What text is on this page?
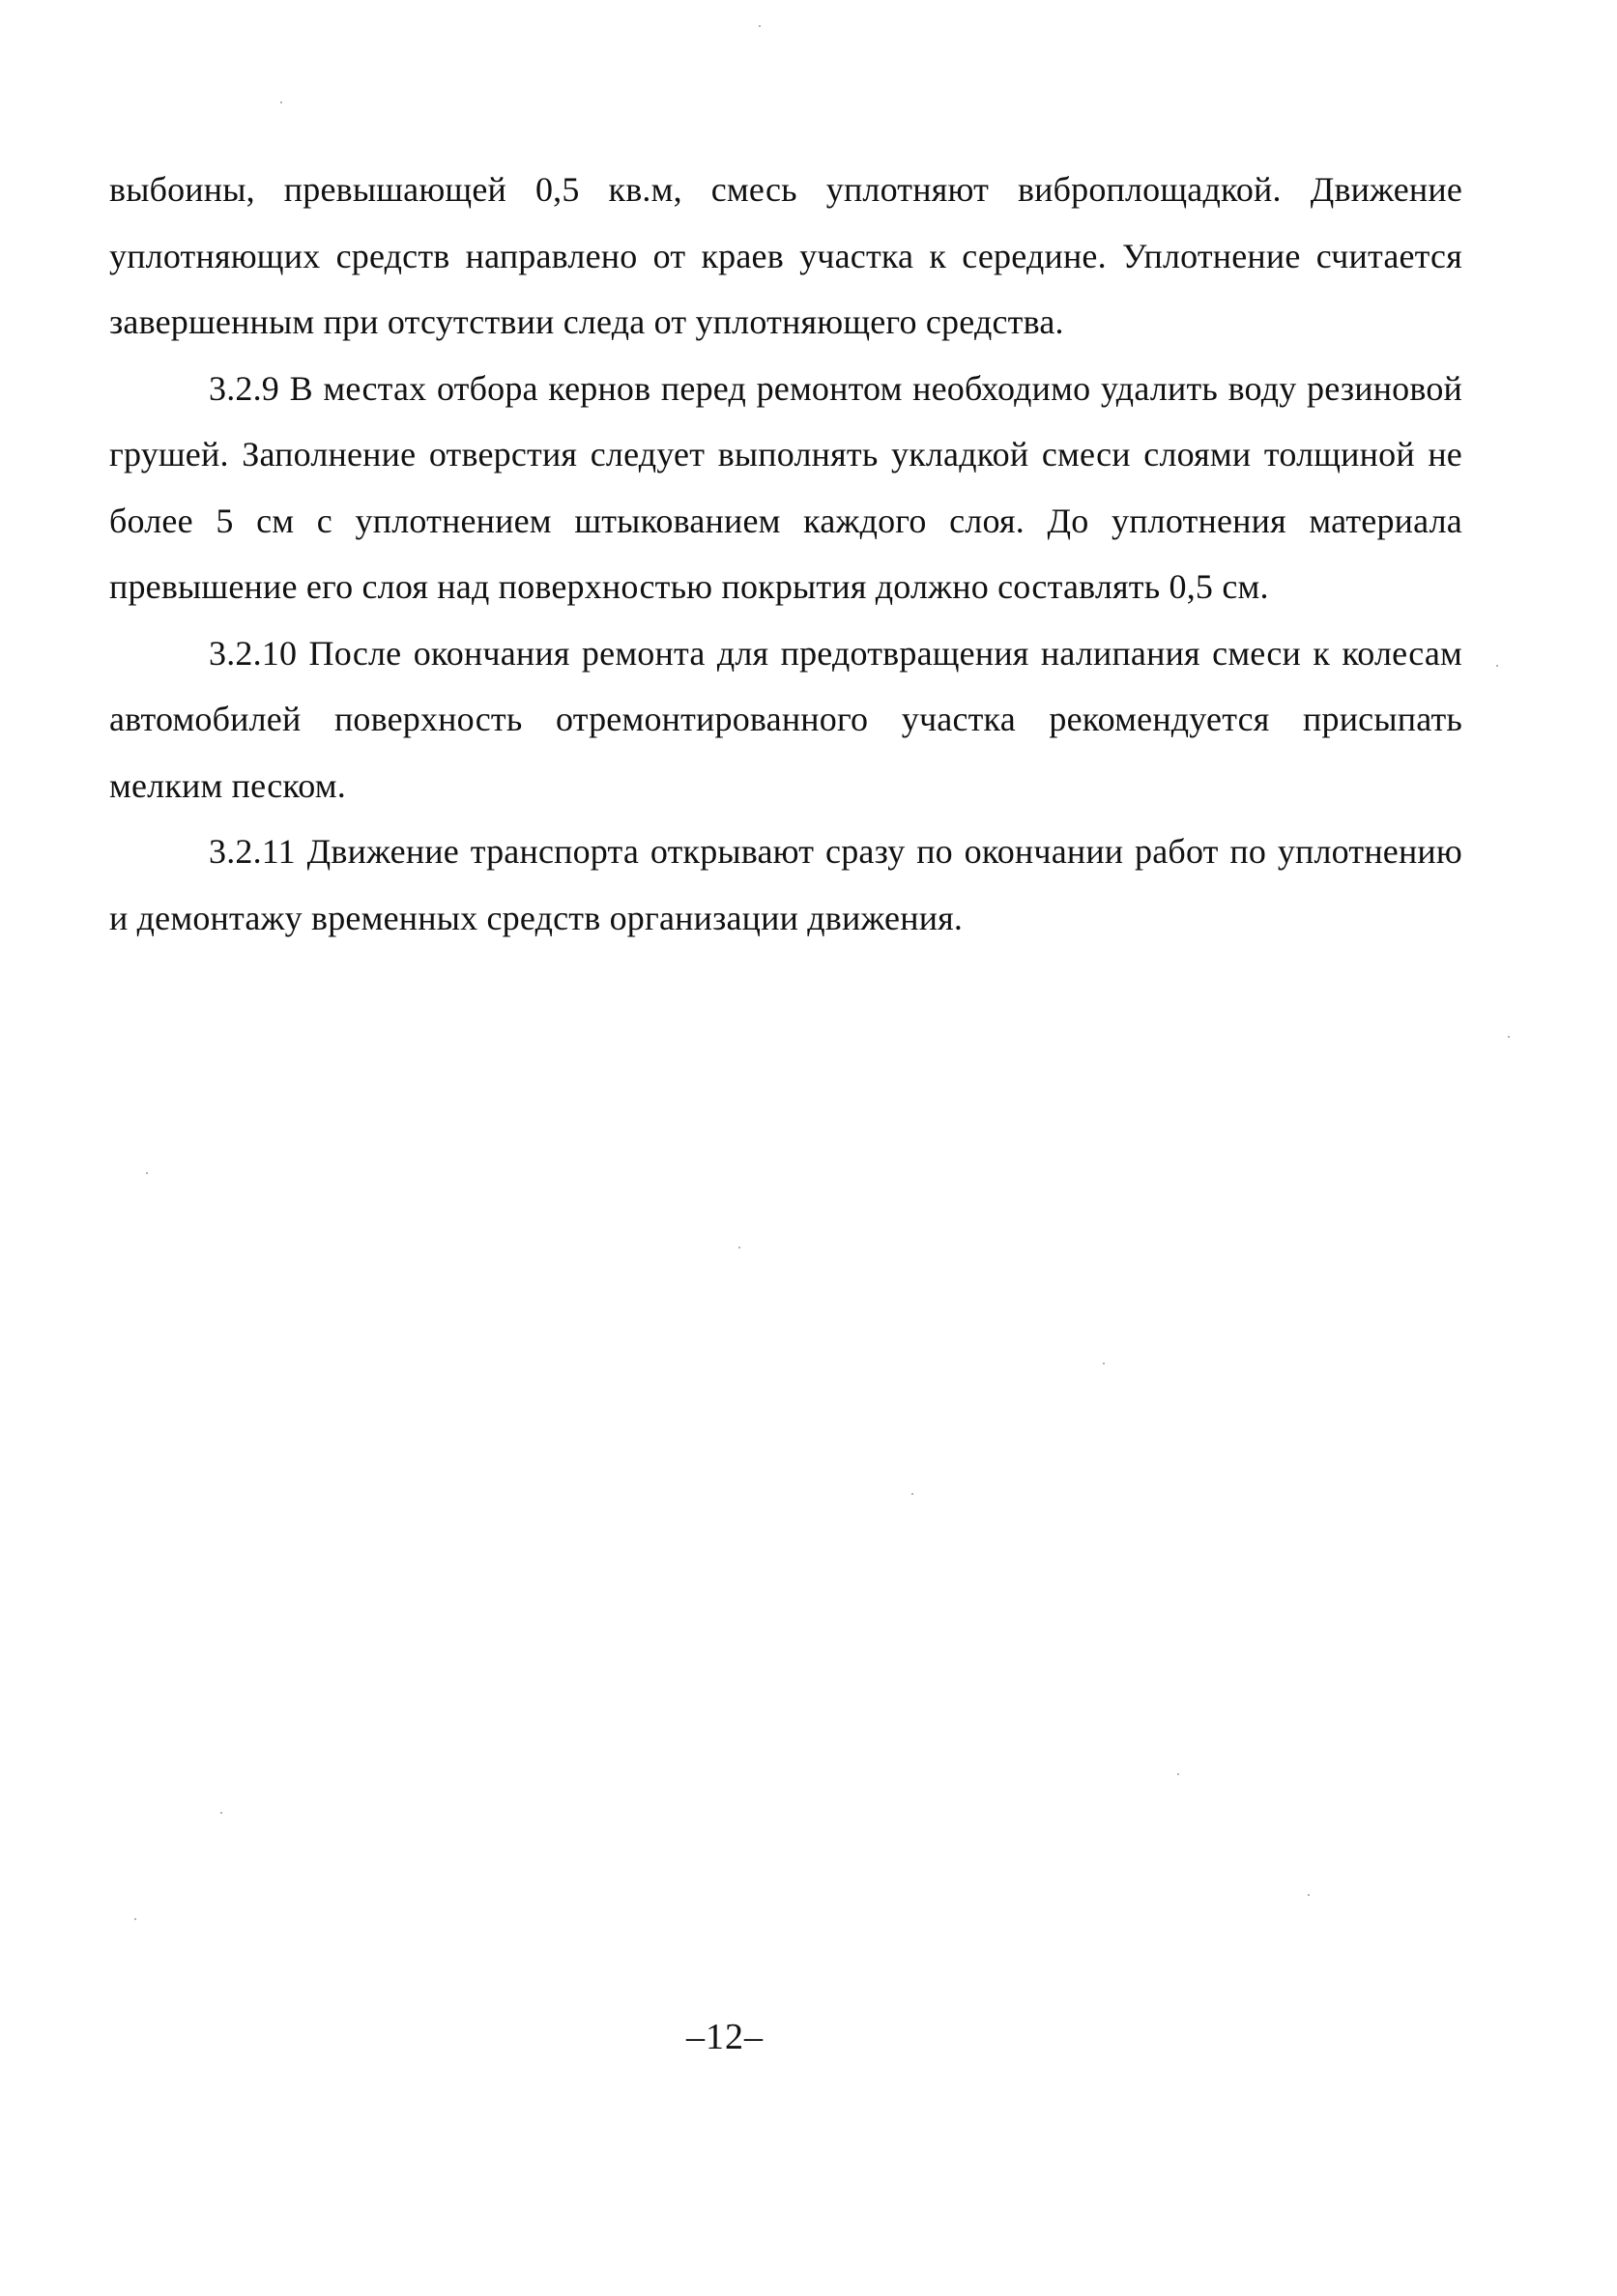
выбоины, превышающей 0,5 кв.м, смесь уплотняют виброплощадкой. Движение уплотняющих средств направлено от краев участка к середине. Уплотнение считается завершенным при отсутствии следа от уплотняющего средства.

3.2.9 В местах отбора кернов перед ремонтом необходимо удалить воду резиновой грушей. Заполнение отверстия следует выполнять укладкой смеси слоями толщиной не более 5 см с уплотнением штыкованием каждого слоя. До уплотнения материала превышение его слоя над поверхностью покрытия должно составлять 0,5 см.

3.2.10 После окончания ремонта для предотвращения налипания смеси к колесам автомобилей поверхность отремонтированного участка рекомендуется присыпать мелким песком.

3.2.11 Движение транспорта открывают сразу по окончании работ по уплотнению и демонтажу временных средств организации движения.

–12–
